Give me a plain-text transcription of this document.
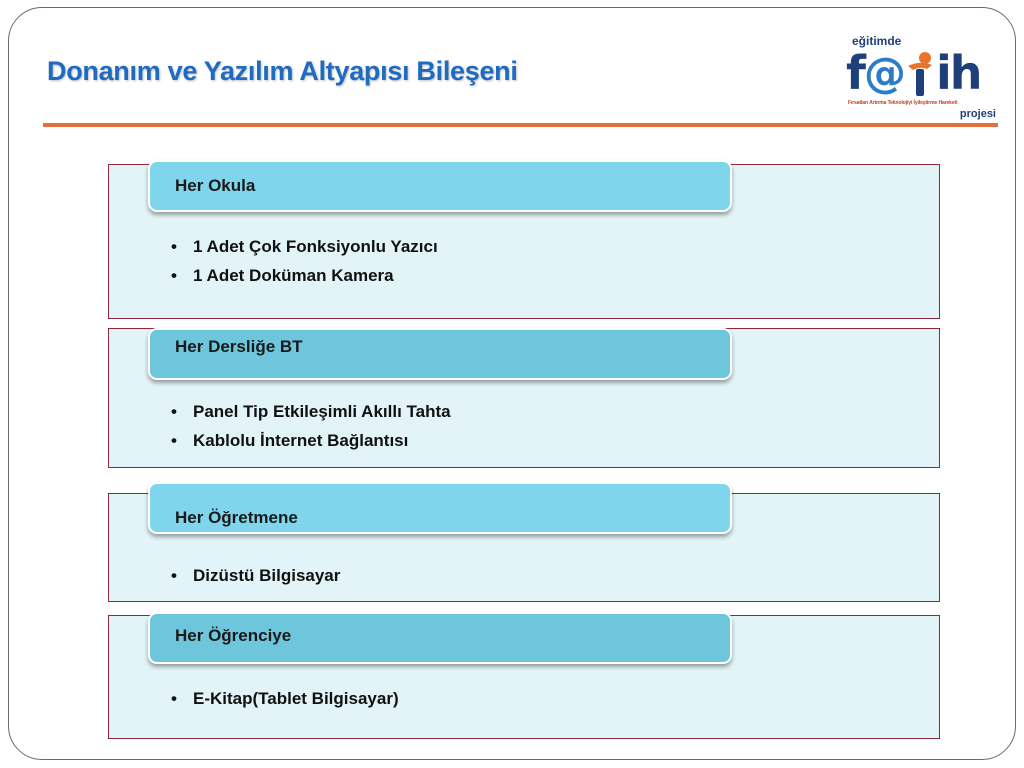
Donanım ve Yazılım Altyapısı Bileşeni
eğitimde
f @ ih
Fırsatları Artırma Teknolojiyi İyileştirme Hareketi
projesi
Her Okula
• 1 Adet Çok Fonksiyonlu Yazıcı
• 1 Adet Doküman Kamera
Her Dersliğe BT
• Panel Tip Etkileşimli Akıllı Tahta
• Kablolu İnternet Bağlantısı
Her Öğretmene
• Dizüstü Bilgisayar
Her Öğrenciye
• E-Kitap(Tablet Bilgisayar)
